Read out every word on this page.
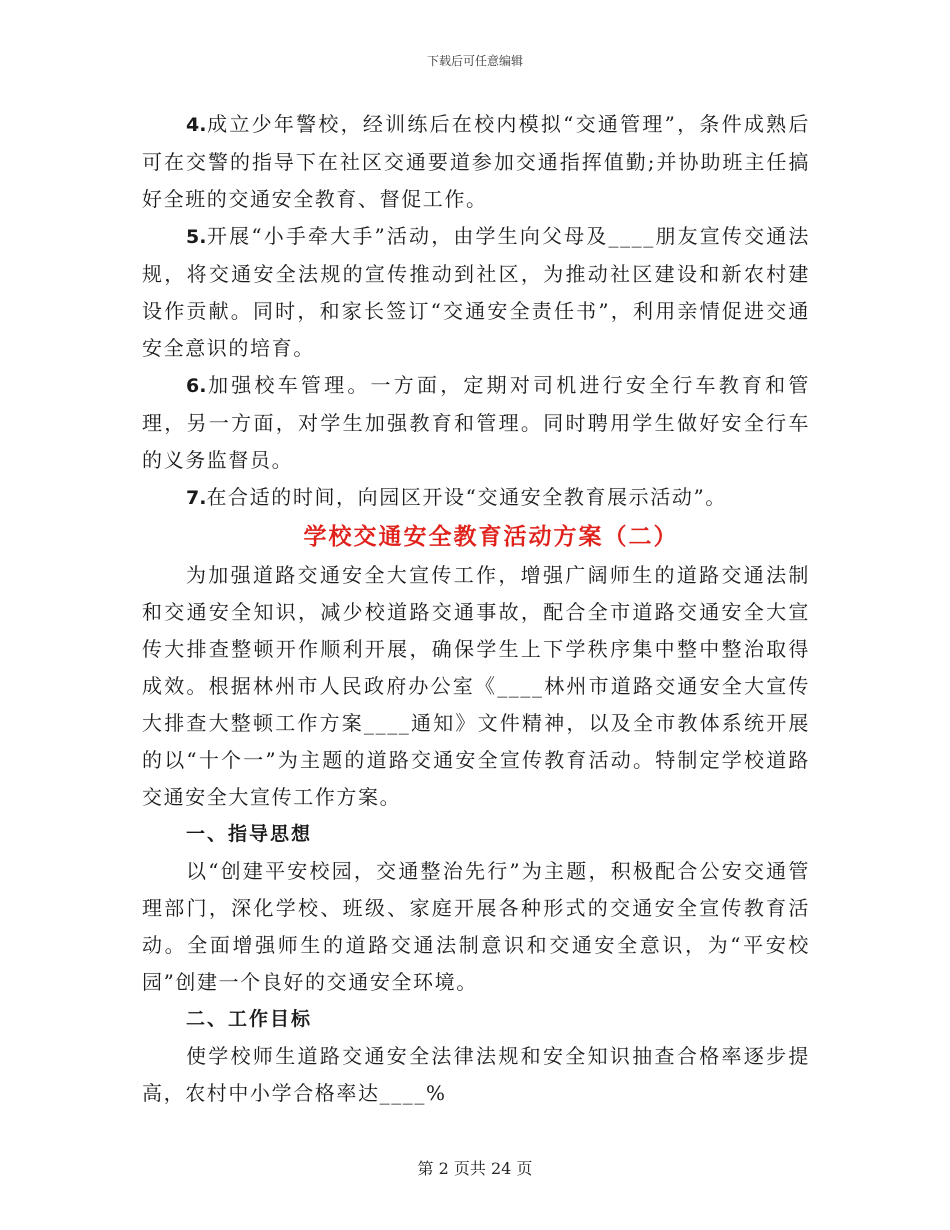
下载后可任意编辑

4.成立少年警校，经训练后在校内模拟“交通管理”，条件成熟后可在交警的指导下在社区交通要道参加交通指挥值勤;并协助班主任搞好全班的交通安全教育、督促工作。

5.开展“小手牵大手”活动，由学生向父母及____朋友宣传交通法规，将交通安全法规的宣传推动到社区，为推动社区建设和新农村建设作贡献。同时，和家长签订“交通安全责任书”，利用亲情促进交通安全意识的培育。

6.加强校车管理。一方面，定期对司机进行安全行车教育和管理，另一方面，对学生加强教育和管理。同时聘用学生做好安全行车的义务监督员。

7.在合适的时间，向园区开设“交通安全教育展示活动”。

学校交通安全教育活动方案（二）

为加强道路交通安全大宣传工作，增强广阔师生的道路交通法制和交通安全知识，减少校道路交通事故，配合全市道路交通安全大宣传大排查整顿开作顺利开展，确保学生上下学秩序集中整中整治取得成效。根据林州市人民政府办公室《____林州市道路交通安全大宣传大排查大整顿工作方案____通知》文件精神，以及全市教体系统开展的以“十个一”为主题的道路交通安全宣传教育活动。特制定学校道路交通安全大宣传工作方案。

一、指导思想

以“创建平安校园，交通整治先行”为主题，积极配合公安交通管理部门，深化学校、班级、家庭开展各种形式的交通安全宣传教育活动。全面增强师生的道路交通法制意识和交通安全意识，为“平安校园”创建一个良好的交通安全环境。

二、工作目标

使学校师生道路交通安全法律法规和安全知识抽查合格率逐步提高，农村中小学合格率达____%

第 2 页共 24 页
